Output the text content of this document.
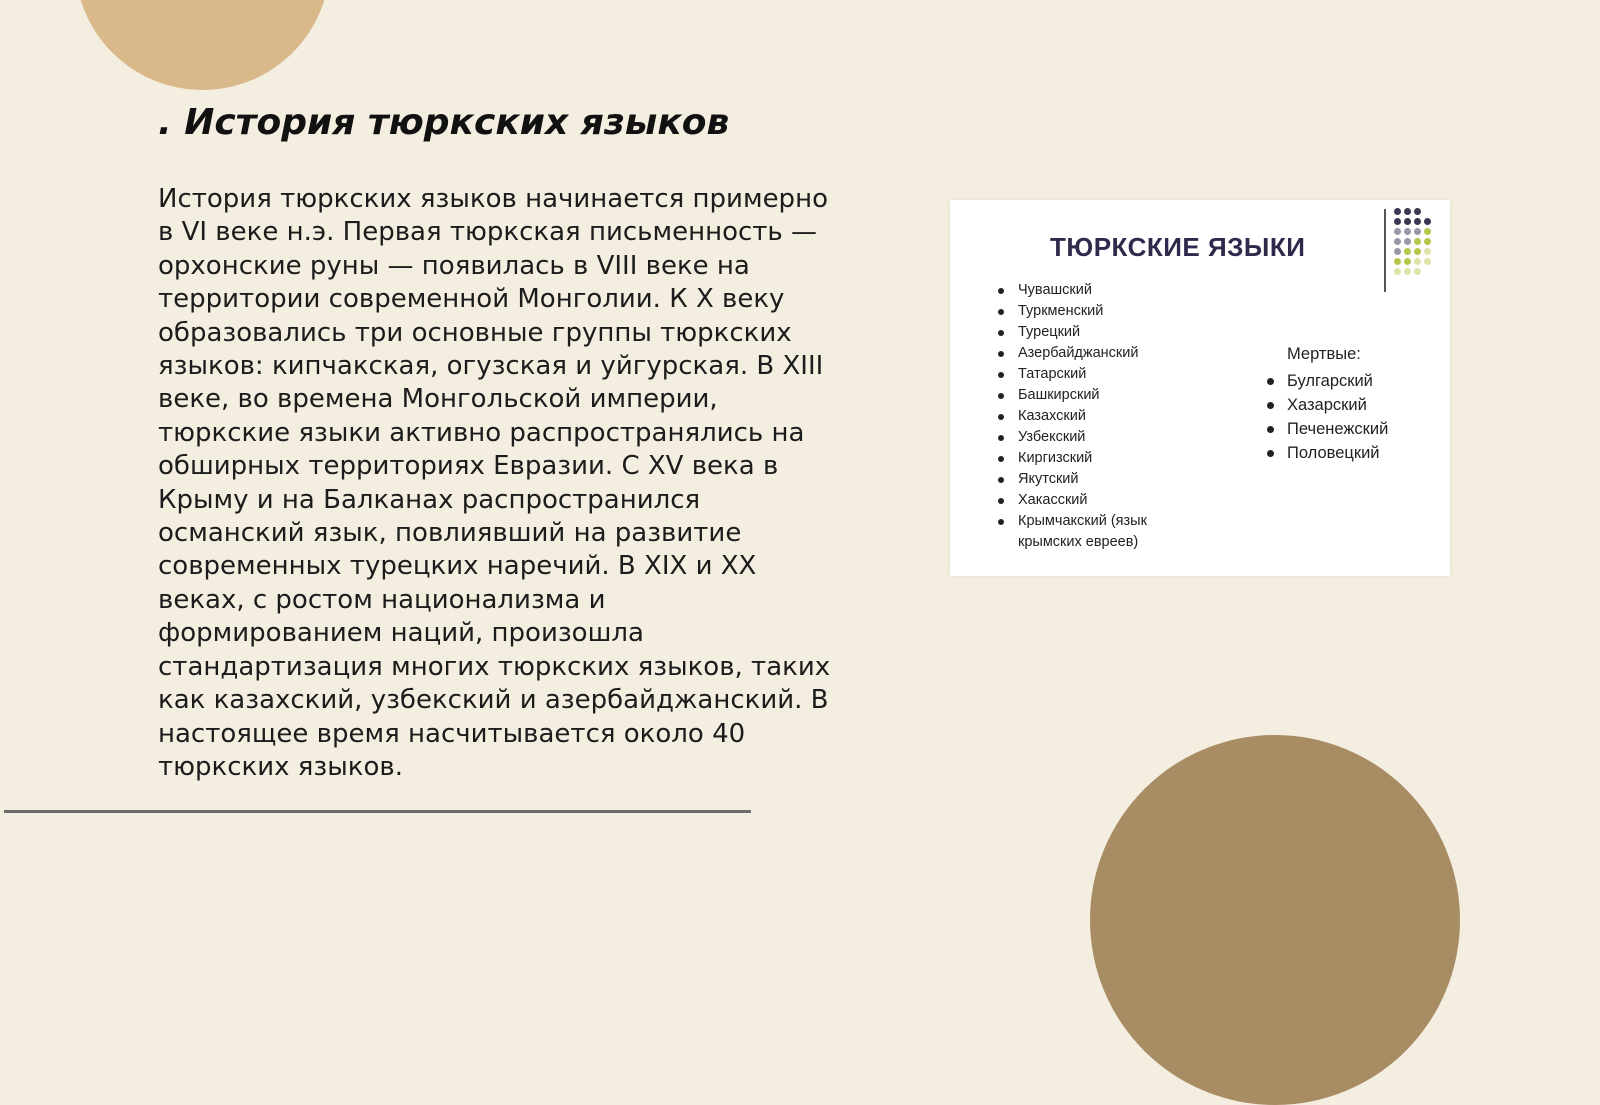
. История тюркских языков

История тюркских языков начинается примерно в VI веке н.э. Первая тюркская письменность — орхонские руны — появилась в VIII веке на территории современной Монголии. К X веку образовались три основные группы тюркских языков: кипчакская, огузская и уйгурская. В XIII веке, во времена Монгольской империи, тюркские языки активно распространялись на обширных территориях Евразии. С XV века в Крыму и на Балканах распространился османский язык, повлиявший на развитие современных турецких наречий. В XIX и XX веках, с ростом национализма и формированием наций, произошла стандартизация многих тюркских языков, таких как казахский, узбекский и азербайджанский. В настоящее время насчитывается около 40 тюркских языков.

ТЮРКСКИЕ ЯЗЫКИ
Чувашский
Туркменский
Турецкий
Азербайджанский
Татарский
Башкирский
Казахский
Узбекский
Киргизский
Якутский
Хакасский
Крымчакский (язык крымских евреев)

Мертвые:

Булгарский
Хазарский
Печенежский
Половецкий
